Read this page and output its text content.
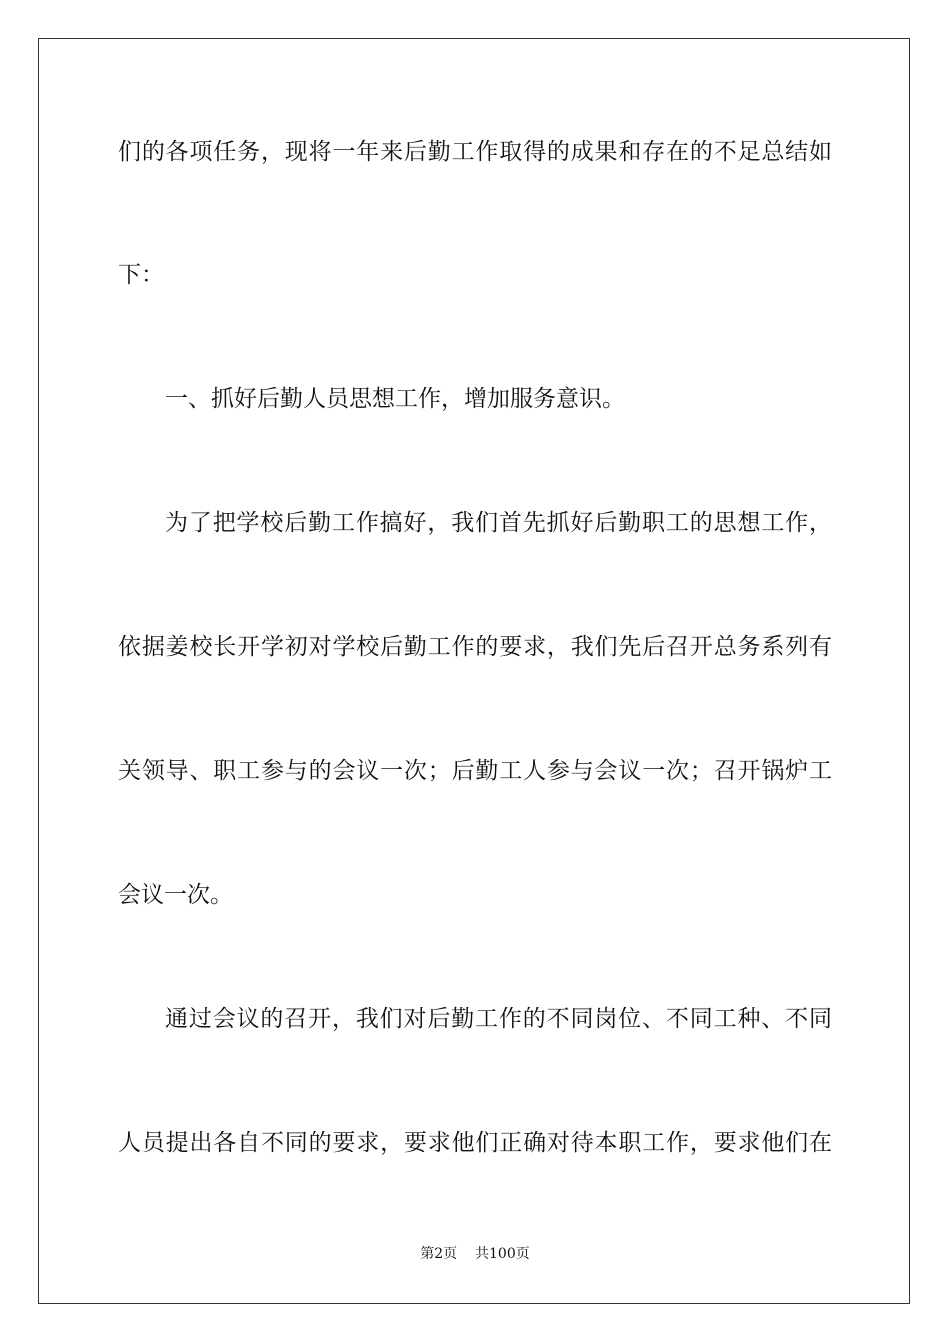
们的各项任务，现将一年来后勤工作取得的成果和存在的不足总结如
下：
一、抓好后勤人员思想工作，增加服务意识。
为了把学校后勤工作搞好，我们首先抓好后勤职工的思想工作，
依据姜校长开学初对学校后勤工作的要求，我们先后召开总务系列有
关领导、职工参与的会议一次；后勤工人参与会议一次；召开锅炉工
会议一次。
通过会议的召开，我们对后勤工作的不同岗位、不同工种、不同
人员提出各自不同的要求，要求他们正确对待本职工作，要求他们在
第2页 共100页
